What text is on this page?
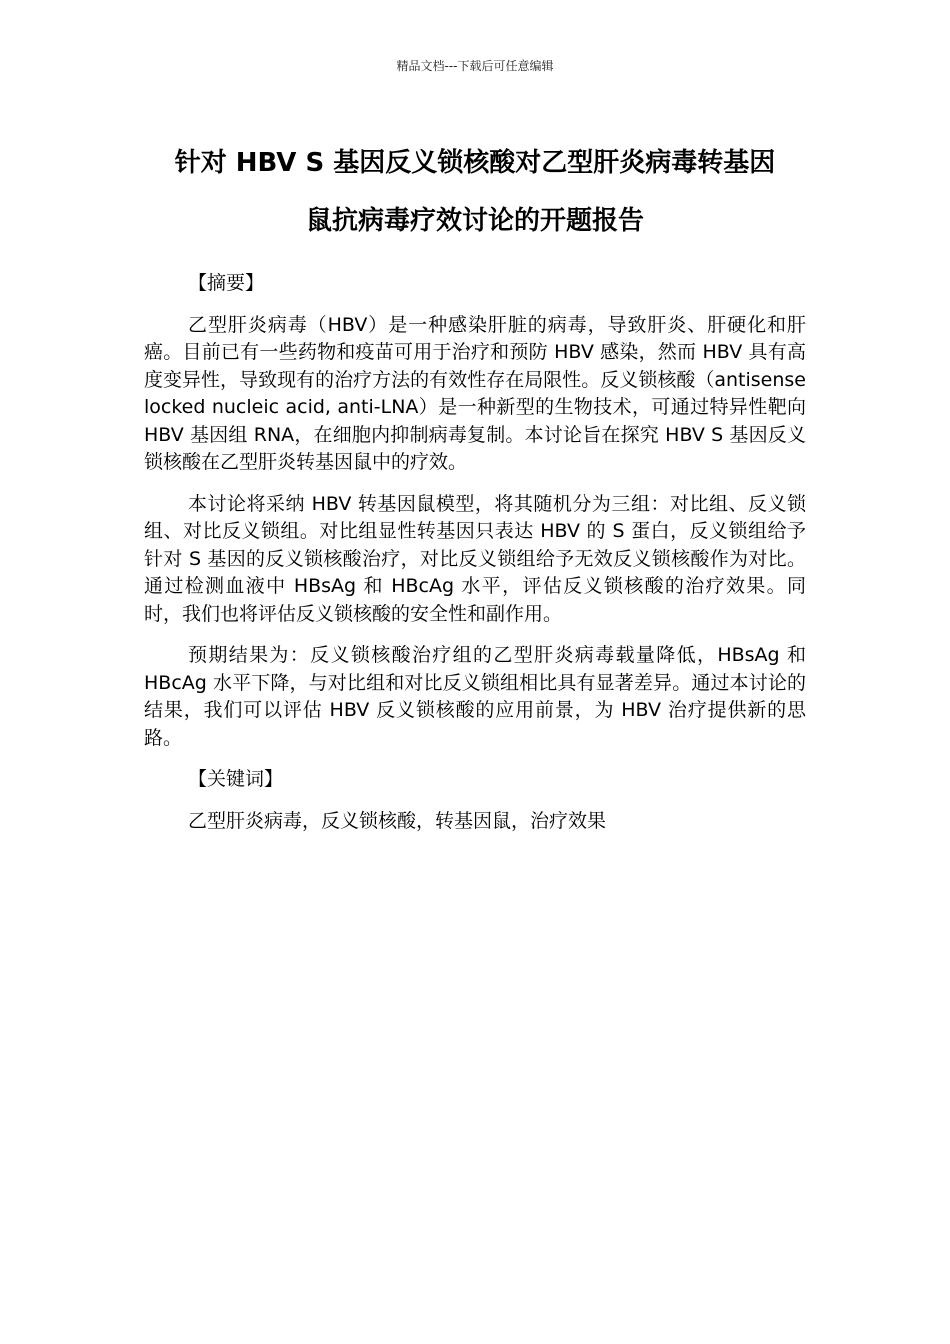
精品文档---下载后可任意编辑
针对 HBV S 基因反义锁核酸对乙型肝炎病毒转基因
鼠抗病毒疗效讨论的开题报告

【摘要】

乙型肝炎病毒（HBV）是一种感染肝脏的病毒，导致肝炎、肝硬化和肝癌。目前已有一些药物和疫苗可用于治疗和预防 HBV 感染，然而 HBV 具有高度变异性，导致现有的治疗方法的有效性存在局限性。反义锁核酸（antisense locked nucleic acid, anti-LNA）是一种新型的生物技术，可通过特异性靶向 HBV 基因组 RNA，在细胞内抑制病毒复制。本讨论旨在探究 HBV S 基因反义锁核酸在乙型肝炎转基因鼠中的疗效。

本讨论将采纳 HBV 转基因鼠模型，将其随机分为三组：对比组、反义锁组、对比反义锁组。对比组显性转基因只表达 HBV 的 S 蛋白，反义锁组给予针对 S 基因的反义锁核酸治疗，对比反义锁组给予无效反义锁核酸作为对比。通过检测血液中 HBsAg 和 HBcAg 水平，评估反义锁核酸的治疗效果。同时，我们也将评估反义锁核酸的安全性和副作用。

预期结果为：反义锁核酸治疗组的乙型肝炎病毒载量降低，HBsAg 和 HBcAg 水平下降，与对比组和对比反义锁组相比具有显著差异。通过本讨论的结果，我们可以评估 HBV 反义锁核酸的应用前景，为 HBV 治疗提供新的思路。

【关键词】

乙型肝炎病毒，反义锁核酸，转基因鼠，治疗效果
